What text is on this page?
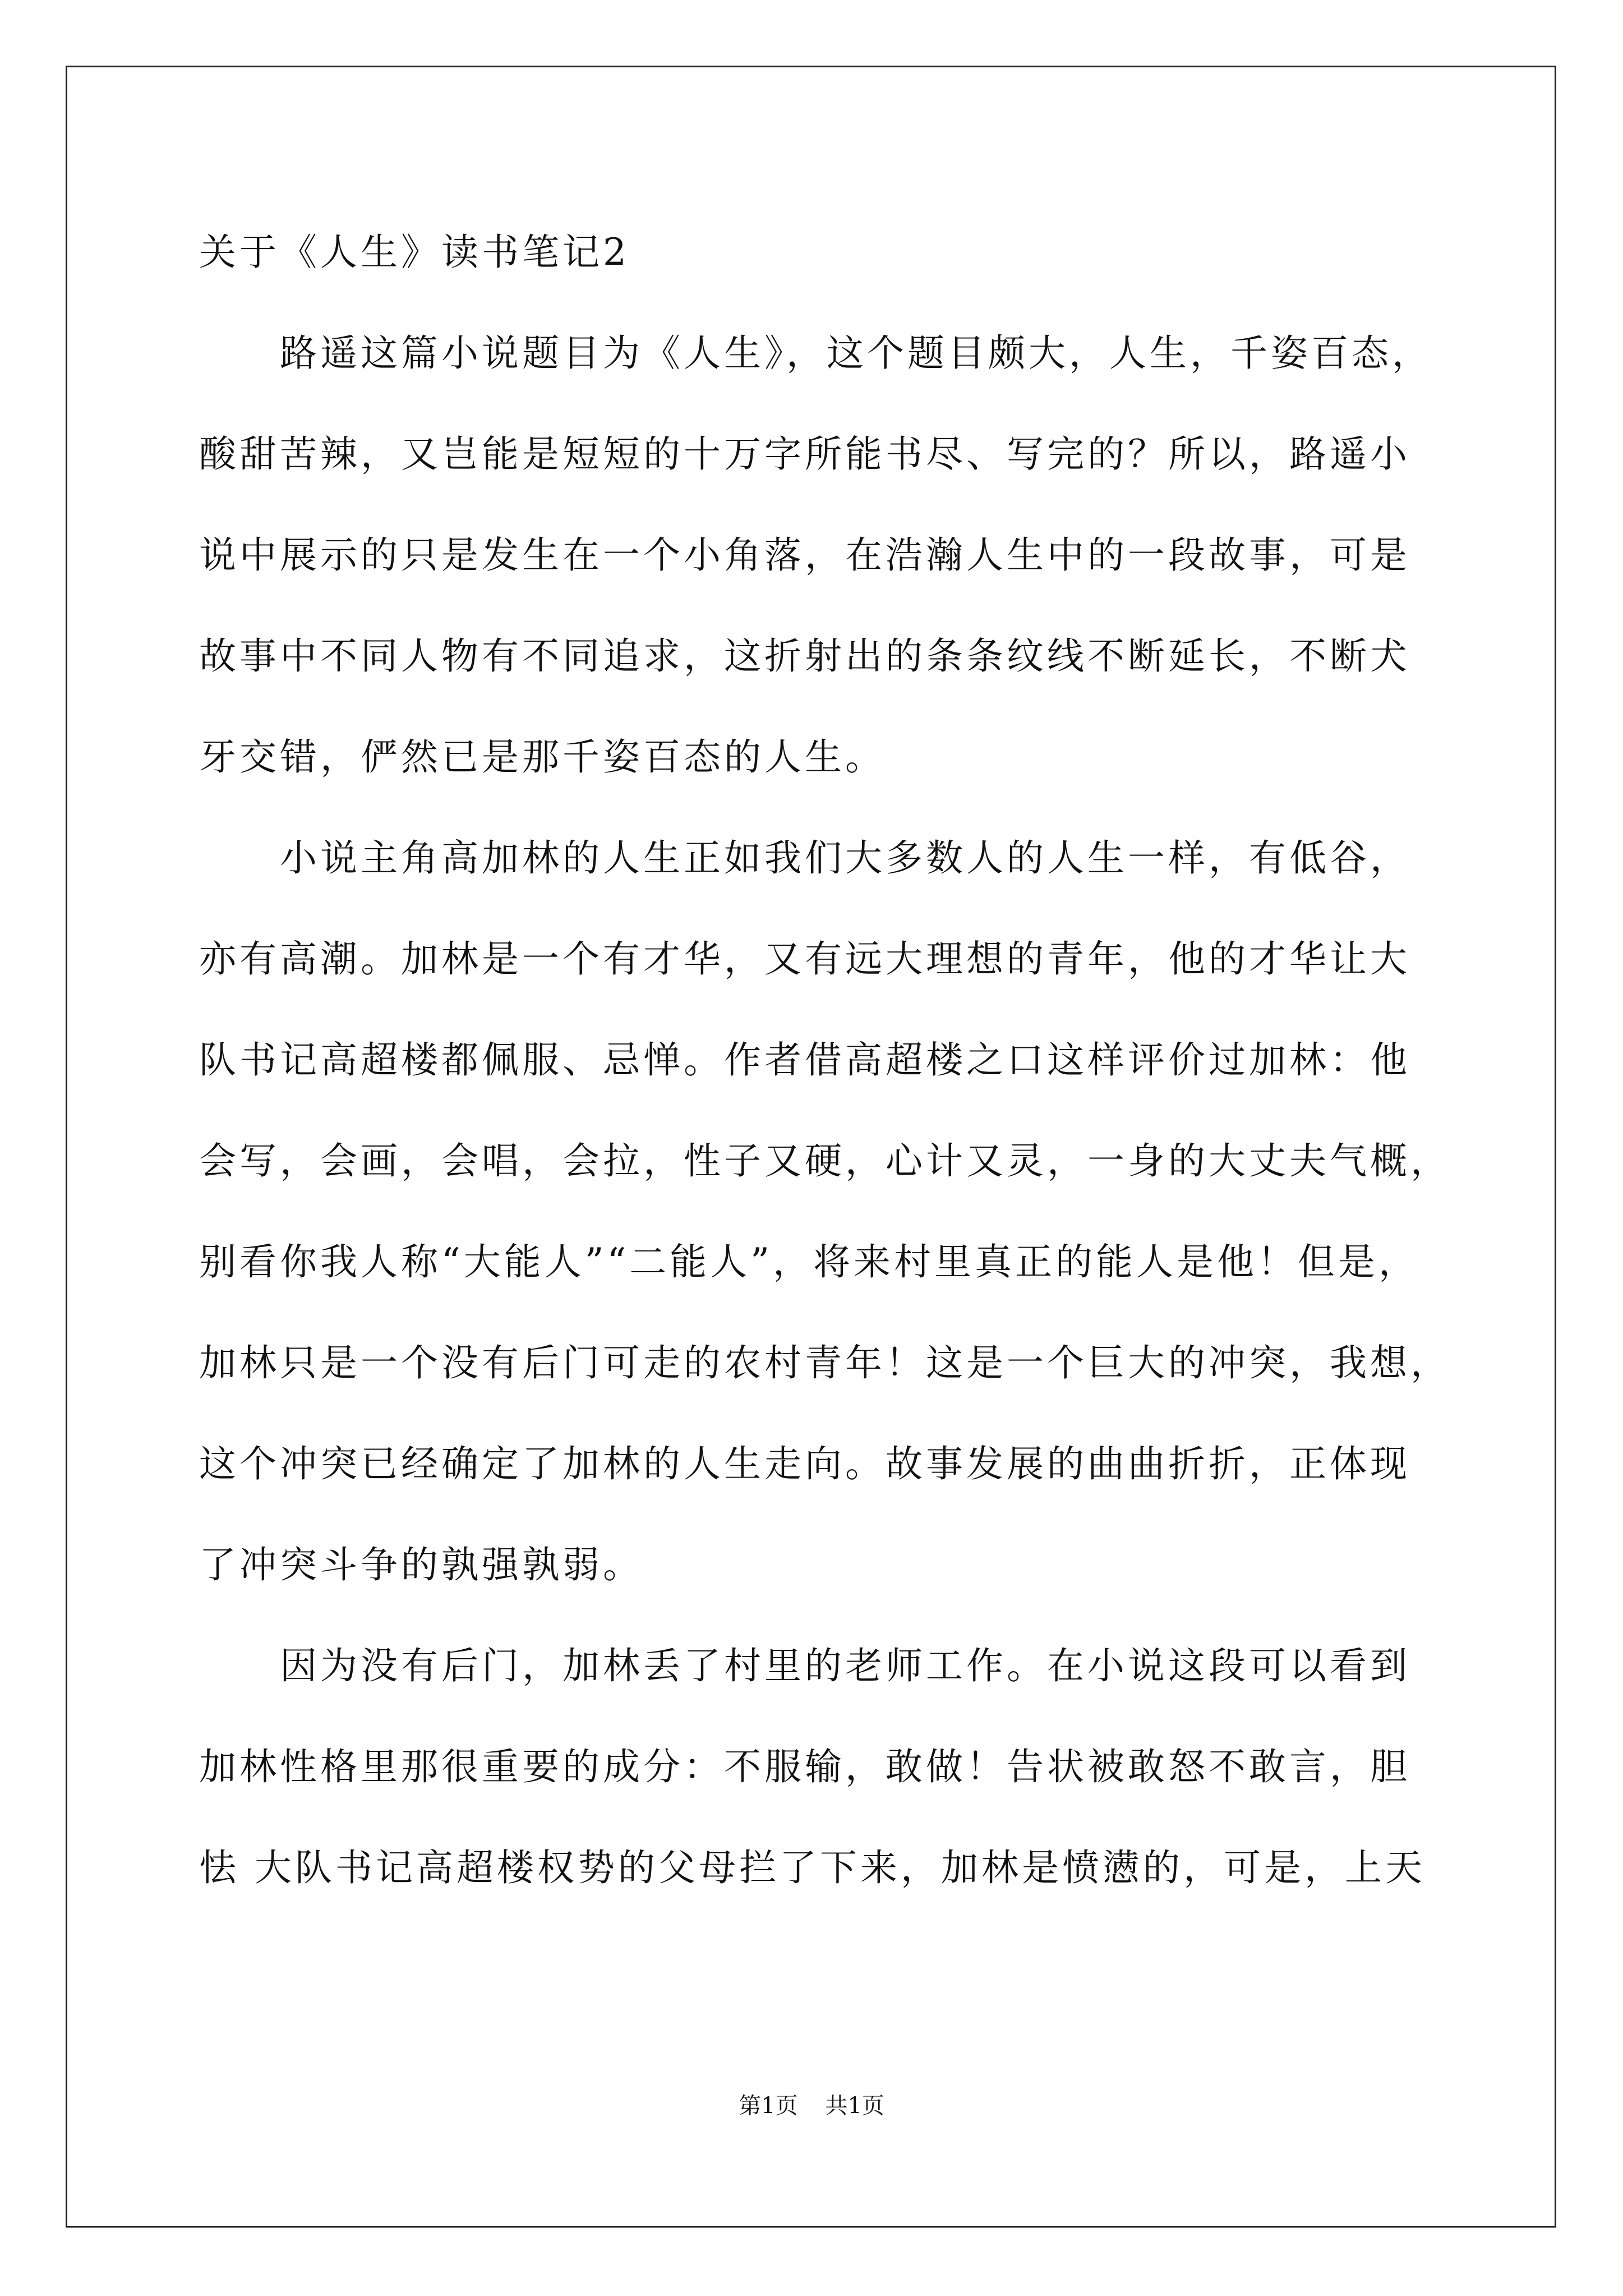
关于《人生》读书笔记2
　　路遥这篇小说题目为《人生》，这个题目颇大，人生，千姿百态，
酸甜苦辣，又岂能是短短的十万字所能书尽、写完的？所以，路遥小
说中展示的只是发生在一个小角落，在浩瀚人生中的一段故事，可是
故事中不同人物有不同追求，这折射出的条条纹线不断延长，不断犬
牙交错，俨然已是那千姿百态的人生。
　　小说主角高加林的人生正如我们大多数人的人生一样，有低谷，
亦有高潮。加林是一个有才华，又有远大理想的青年，他的才华让大
队书记高超楼都佩服、忌惮。作者借高超楼之口这样评价过加林：他
会写，会画，会唱，会拉，性子又硬，心计又灵，一身的大丈夫气概，
别看你我人称“大能人”“二能人”，将来村里真正的能人是他！但是，
加林只是一个没有后门可走的农村青年！这是一个巨大的冲突，我想，
这个冲突已经确定了加林的人生走向。故事发展的曲曲折折，正体现
了冲突斗争的孰强孰弱。
　　因为没有后门，加林丢了村里的老师工作。在小说这段可以看到
加林性格里那很重要的成分：不服输，敢做！告状被敢怒不敢言，胆
怯 大队书记高超楼权势的父母拦了下来，加林是愤懑的，可是，上天
第1页 共1页
